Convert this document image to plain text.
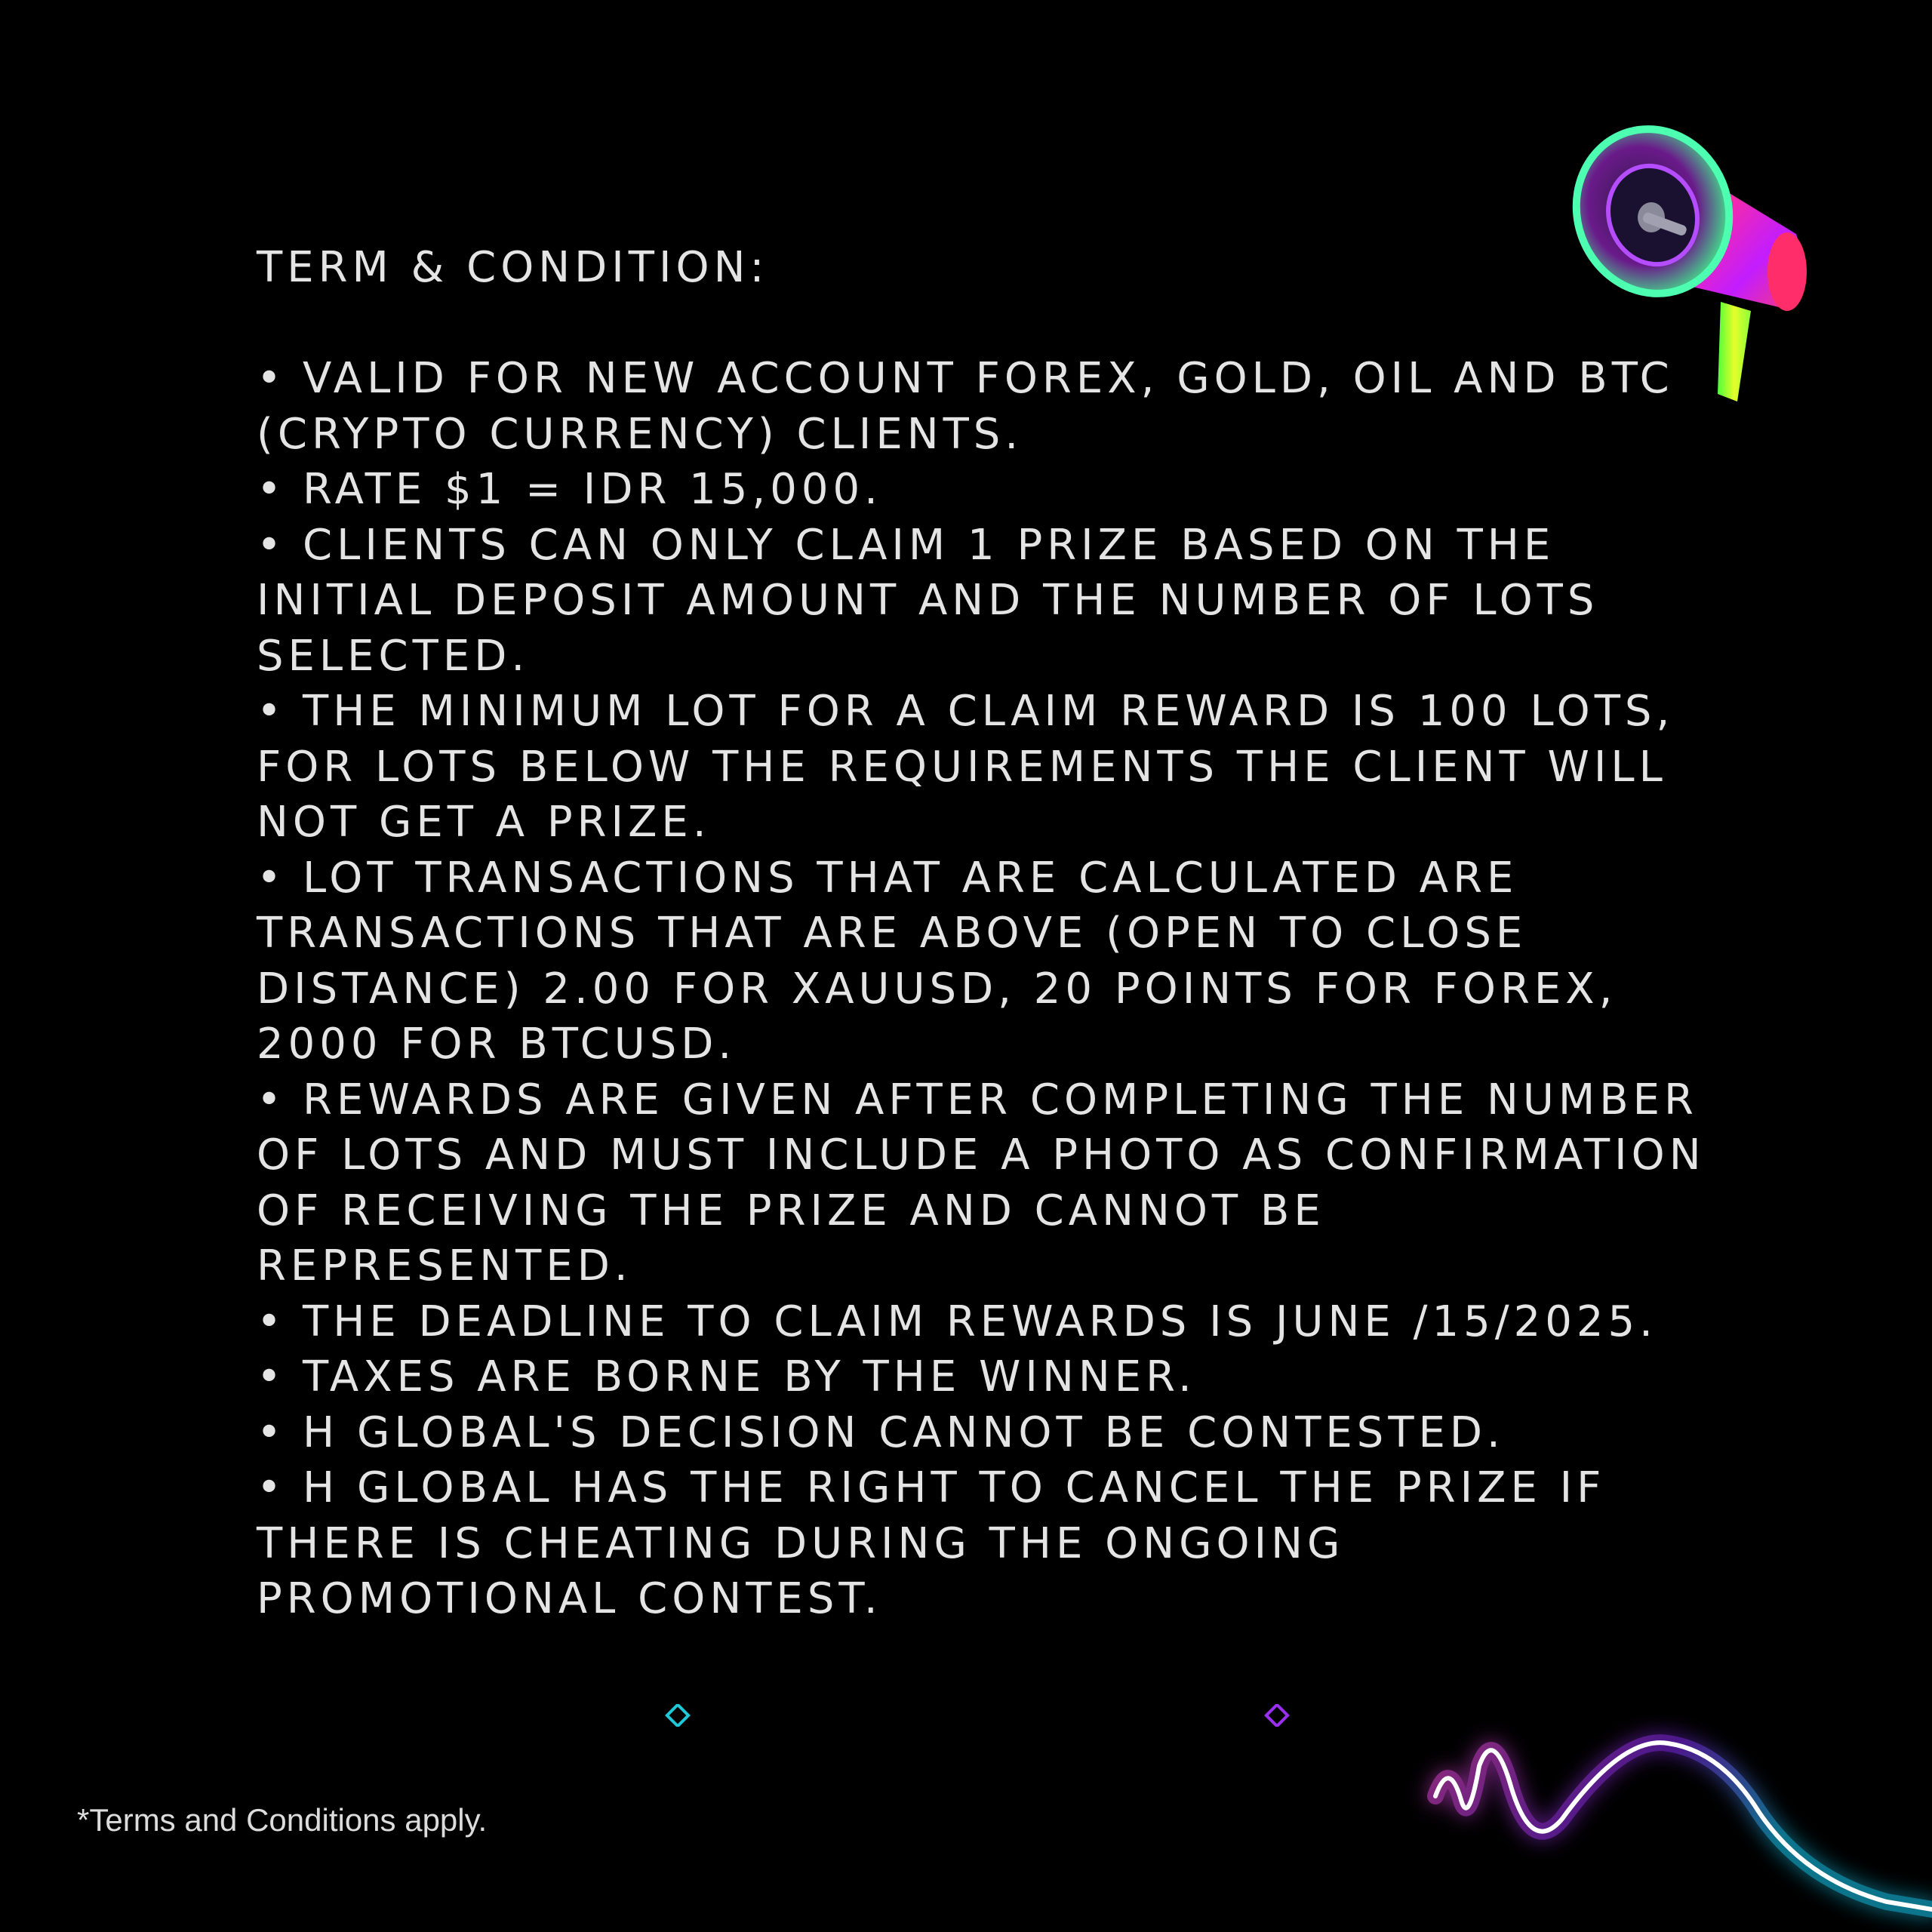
TERM & CONDITION:
• VALID FOR NEW ACCOUNT FOREX, GOLD, OIL AND BTC (CRYPTO CURRENCY) CLIENTS.
• RATE $1 = IDR 15,000.
• CLIENTS CAN ONLY CLAIM 1 PRIZE BASED ON THE INITIAL DEPOSIT AMOUNT AND THE NUMBER OF LOTS SELECTED.
• THE MINIMUM LOT FOR A CLAIM REWARD IS 100 LOTS, FOR LOTS BELOW THE REQUIREMENTS THE CLIENT WILL NOT GET A PRIZE.
• LOT TRANSACTIONS THAT ARE CALCULATED ARE TRANSACTIONS THAT ARE ABOVE (OPEN TO CLOSE DISTANCE) 2.00 FOR XAUUSD, 20 POINTS FOR FOREX, 2000 FOR BTCUSD.
• REWARDS ARE GIVEN AFTER COMPLETING THE NUMBER OF LOTS AND MUST INCLUDE A PHOTO AS CONFIRMATION OF RECEIVING THE PRIZE AND CANNOT BE REPRESENTED.
• THE DEADLINE TO CLAIM REWARDS IS JUNE /15/2025.
• TAXES ARE BORNE BY THE WINNER.
• H GLOBAL'S DECISION CANNOT BE CONTESTED.
• H GLOBAL HAS THE RIGHT TO CANCEL THE PRIZE IF THERE IS CHEATING DURING THE ONGOING PROMOTIONAL CONTEST.
*Terms and Conditions apply.
